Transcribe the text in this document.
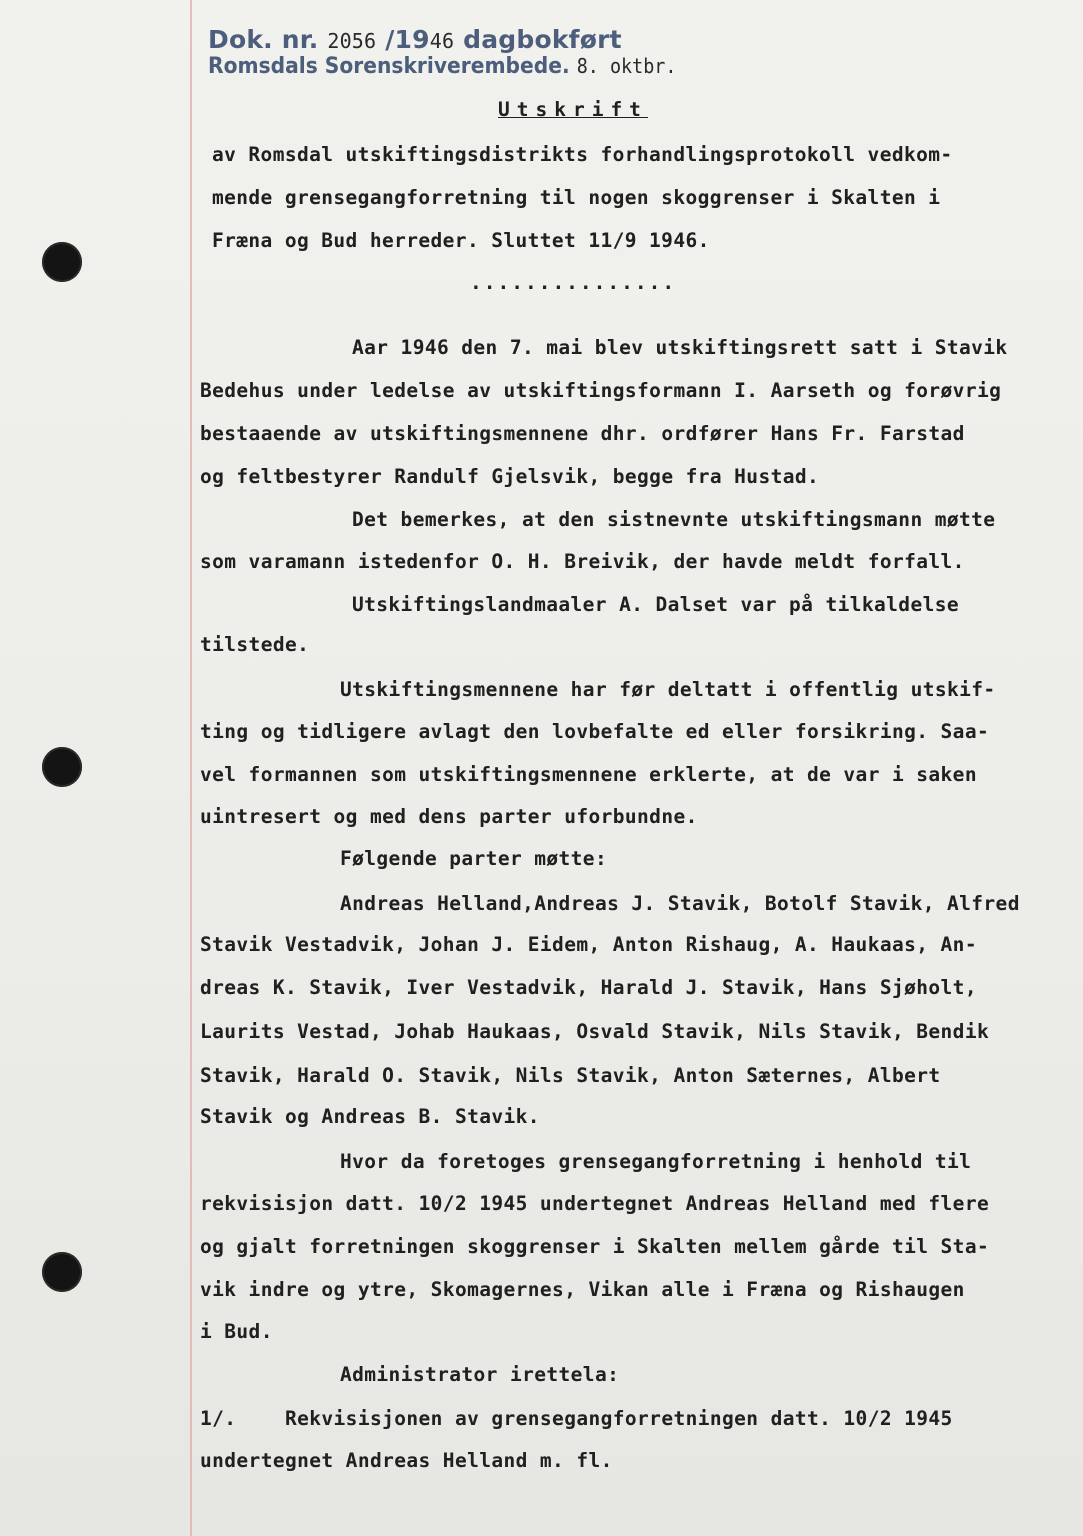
Dok. nr. 2056 /1946 dagbokført
Romsdals Sorenskriverembede. 8. oktbr.
Utskrift
av Romsdal utskiftingsdistrikts forhandlingsprotokoll vedkom-
mende grensegangforretning til nogen skoggrenser i Skalten i
Fræna og Bud herreder. Sluttet 11/9 1946.
...............
Aar 1946 den 7. mai blev utskiftingsrett satt i Stavik
Bedehus under ledelse av utskiftingsformann I. Aarseth og forøvrig
bestaaende av utskiftingsmennene dhr. ordfører Hans Fr. Farstad
og feltbestyrer Randulf Gjelsvik, begge fra Hustad.
Det bemerkes, at den sistnevnte utskiftingsmann møtte
som varamann istedenfor O. H. Breivik, der havde meldt forfall.
Utskiftingslandmaaler A. Dalset var på tilkaldelse
tilstede.
Utskiftingsmennene har før deltatt i offentlig utskif-
ting og tidligere avlagt den lovbefalte ed eller forsikring. Saa-
vel formannen som utskiftingsmennene erklerte, at de var i saken
uintresert og med dens parter uforbundne.
Følgende parter møtte:
Andreas Helland,Andreas J. Stavik, Botolf Stavik, Alfred
Stavik Vestadvik, Johan J. Eidem, Anton Rishaug, A. Haukaas, An-
dreas K. Stavik, Iver Vestadvik, Harald J. Stavik, Hans Sjøholt,
Laurits Vestad, Johab Haukaas, Osvald Stavik, Nils Stavik, Bendik
Stavik, Harald O. Stavik, Nils Stavik, Anton Sæternes, Albert
Stavik og Andreas B. Stavik.
Hvor da foretoges grensegangforretning i henhold til
rekvisisjon datt. 10/2 1945 undertegnet Andreas Helland med flere
og gjalt forretningen skoggrenser i Skalten mellem gårde til Sta-
vik indre og ytre, Skomagernes, Vikan alle i Fræna og Rishaugen
i Bud.
Administrator irettela:
1/.    Rekvisisjonen av grensegangforretningen datt. 10/2 1945
undertegnet Andreas Helland m. fl.
